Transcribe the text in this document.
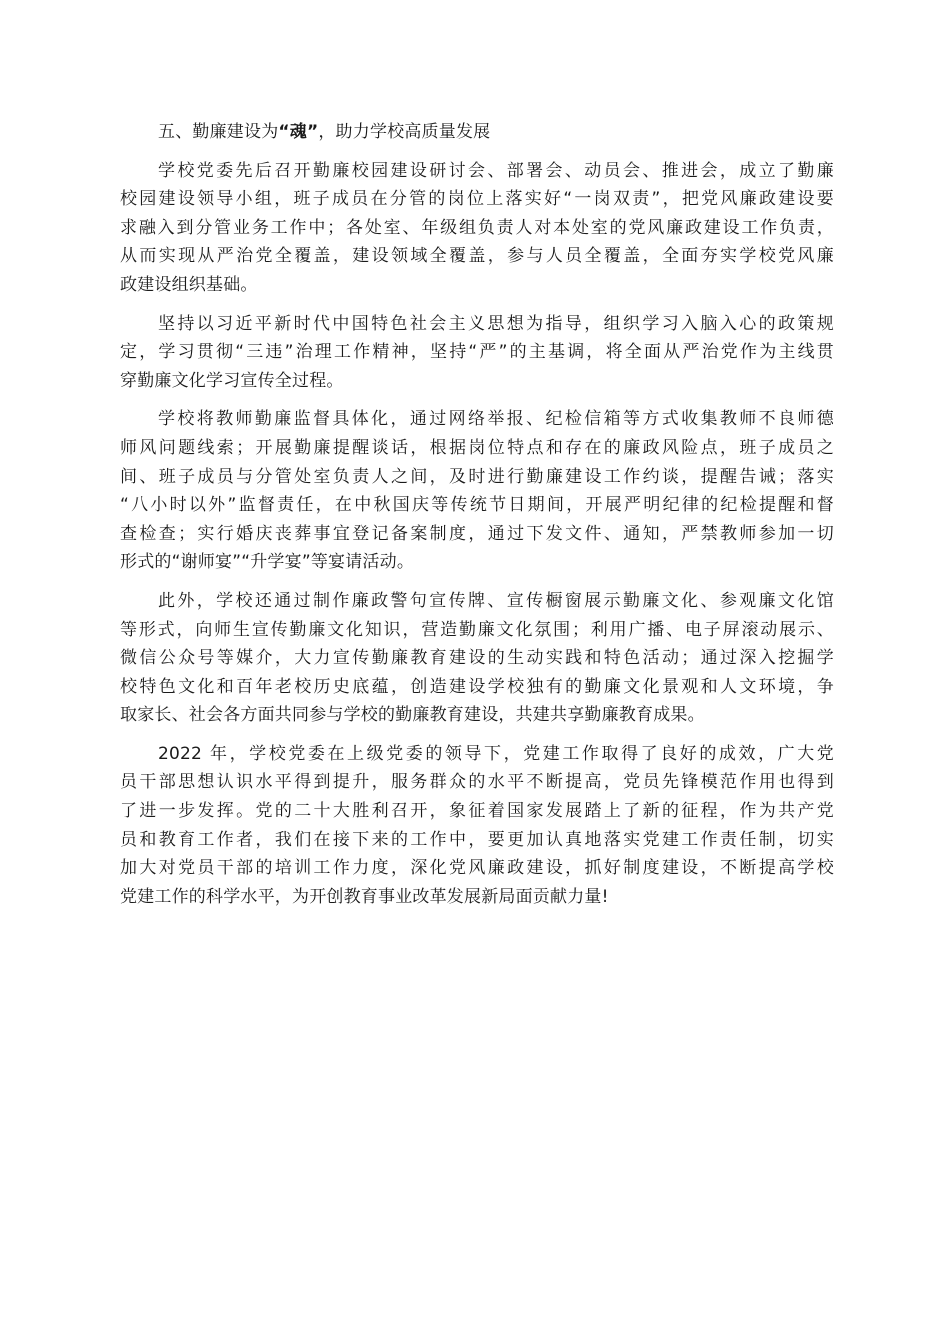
五、勤廉建设为“魂”，助力学校高质量发展

学校党委先后召开勤廉校园建设研讨会、部署会、动员会、推进会，成立了勤廉
校园建设领导小组，班子成员在分管的岗位上落实好“一岗双责”，把党风廉政建设要
求融入到分管业务工作中；各处室、年级组负责人对本处室的党风廉政建设工作负责，
从而实现从严治党全覆盖，建设领域全覆盖，参与人员全覆盖，全面夯实学校党风廉
政建设组织基础。
坚持以习近平新时代中国特色社会主义思想为指导，组织学习入脑入心的政策规
定，学习贯彻“三违”治理工作精神，坚持“严”的主基调，将全面从严治党作为主线贯
穿勤廉文化学习宣传全过程。
学校将教师勤廉监督具体化，通过网络举报、纪检信箱等方式收集教师不良师德
师风问题线索；开展勤廉提醒谈话，根据岗位特点和存在的廉政风险点，班子成员之
间、班子成员与分管处室负责人之间，及时进行勤廉建设工作约谈，提醒告诫；落实
“八小时以外”监督责任，在中秋国庆等传统节日期间，开展严明纪律的纪检提醒和督
查检查；实行婚庆丧葬事宜登记备案制度，通过下发文件、通知，严禁教师参加一切
形式的“谢师宴”“升学宴”等宴请活动。
此外，学校还通过制作廉政警句宣传牌、宣传橱窗展示勤廉文化、参观廉文化馆
等形式，向师生宣传勤廉文化知识，营造勤廉文化氛围；利用广播、电子屏滚动展示、
微信公众号等媒介，大力宣传勤廉教育建设的生动实践和特色活动；通过深入挖掘学
校特色文化和百年老校历史底蕴，创造建设学校独有的勤廉文化景观和人文环境，争
取家长、社会各方面共同参与学校的勤廉教育建设，共建共享勤廉教育成果。
2022 年，学校党委在上级党委的领导下，党建工作取得了良好的成效，广大党
员干部思想认识水平得到提升，服务群众的水平不断提高，党员先锋模范作用也得到
了进一步发挥。党的二十大胜利召开，象征着国家发展踏上了新的征程，作为共产党
员和教育工作者，我们在接下来的工作中，要更加认真地落实党建工作责任制，切实
加大对党员干部的培训工作力度，深化党风廉政建设，抓好制度建设，不断提高学校
党建工作的科学水平，为开创教育事业改革发展新局面贡献力量!
